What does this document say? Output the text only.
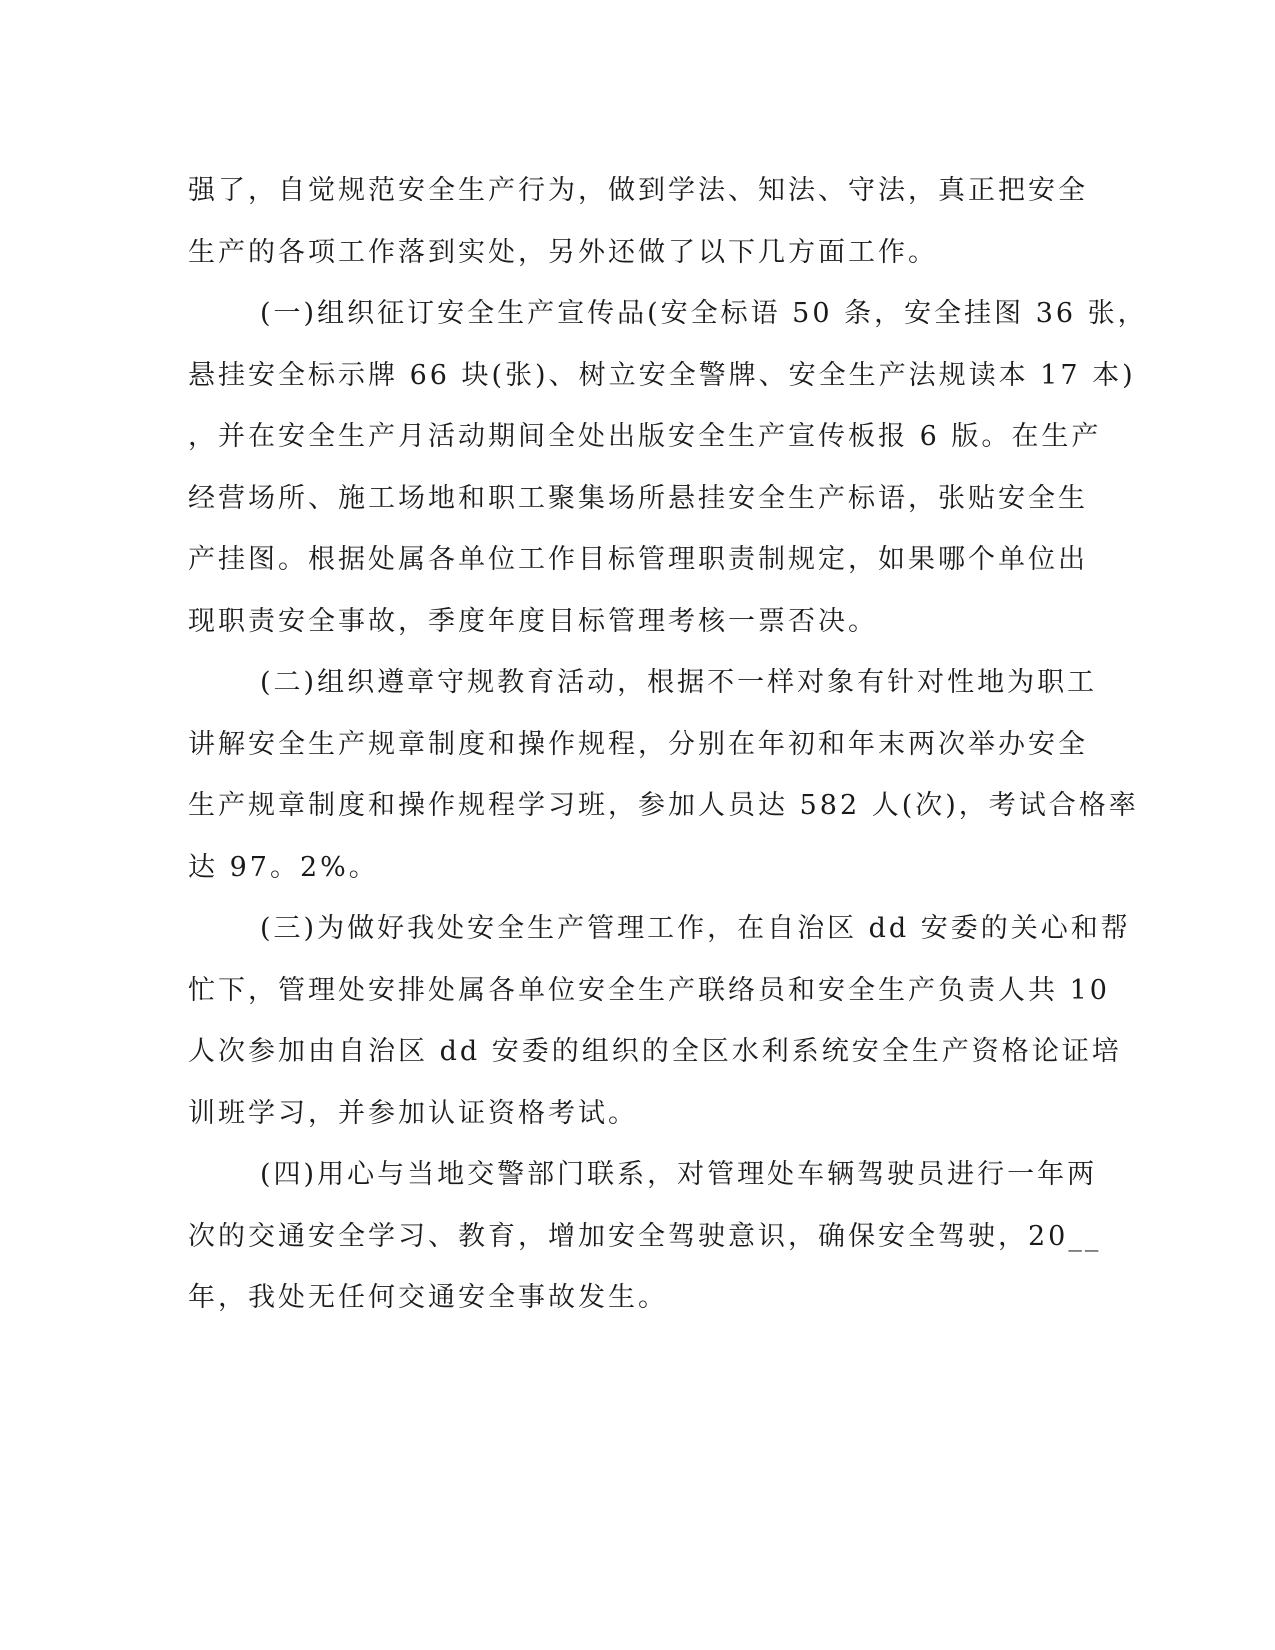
强了，自觉规范安全生产行为，做到学法、知法、守法，真正把安全
生产的各项工作落到实处，另外还做了以下几方面工作。
(一)组织征订安全生产宣传品(安全标语 50 条，安全挂图 36 张，
悬挂安全标示牌 66 块(张)、树立安全警牌、安全生产法规读本 17 本)
，并在安全生产月活动期间全处出版安全生产宣传板报 6 版。在生产
经营场所、施工场地和职工聚集场所悬挂安全生产标语，张贴安全生
产挂图。根据处属各单位工作目标管理职责制规定，如果哪个单位出
现职责安全事故，季度年度目标管理考核一票否决。
(二)组织遵章守规教育活动，根据不一样对象有针对性地为职工
讲解安全生产规章制度和操作规程，分别在年初和年末两次举办安全
生产规章制度和操作规程学习班，参加人员达 582 人(次)，考试合格率
达 97。2%。
(三)为做好我处安全生产管理工作，在自治区 dd 安委的关心和帮
忙下，管理处安排处属各单位安全生产联络员和安全生产负责人共 10
人次参加由自治区 dd 安委的组织的全区水利系统安全生产资格论证培
训班学习，并参加认证资格考试。
(四)用心与当地交警部门联系，对管理处车辆驾驶员进行一年两
次的交通安全学习、教育，增加安全驾驶意识，确保安全驾驶，20__
年，我处无任何交通安全事故发生。
